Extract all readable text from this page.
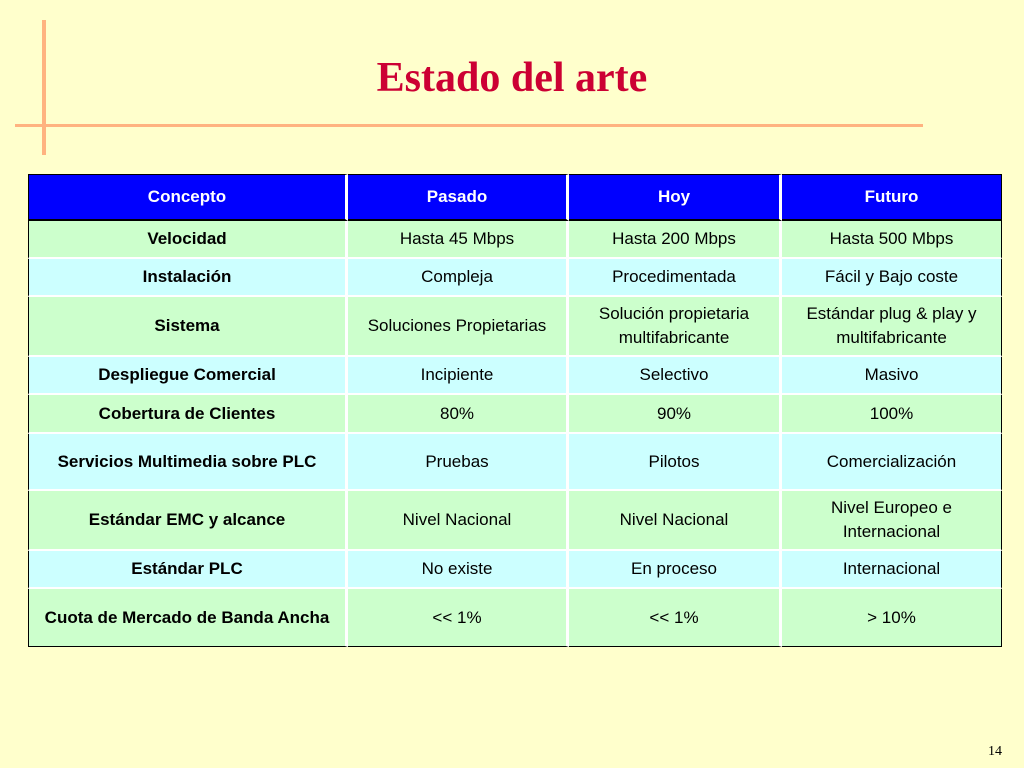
Estado del arte
Concepto	Pasado	Hoy	Futuro
Velocidad	Hasta 45 Mbps	Hasta 200 Mbps	Hasta 500 Mbps
Instalación	Compleja	Procedimentada	Fácil y Bajo coste
Sistema	Soluciones Propietarias	Solución propietaria multifabricante	Estándar plug & play y multifabricante
Despliegue Comercial	Incipiente	Selectivo	Masivo
Cobertura de Clientes	80%	90%	100%
Servicios Multimedia sobre PLC	Pruebas	Pilotos	Comercialización
Estándar EMC y alcance	Nivel Nacional	Nivel Nacional	Nivel Europeo e Internacional
Estándar PLC	No existe	En proceso	Internacional
Cuota de Mercado de Banda Ancha	<< 1%	<< 1%	> 10%
14
